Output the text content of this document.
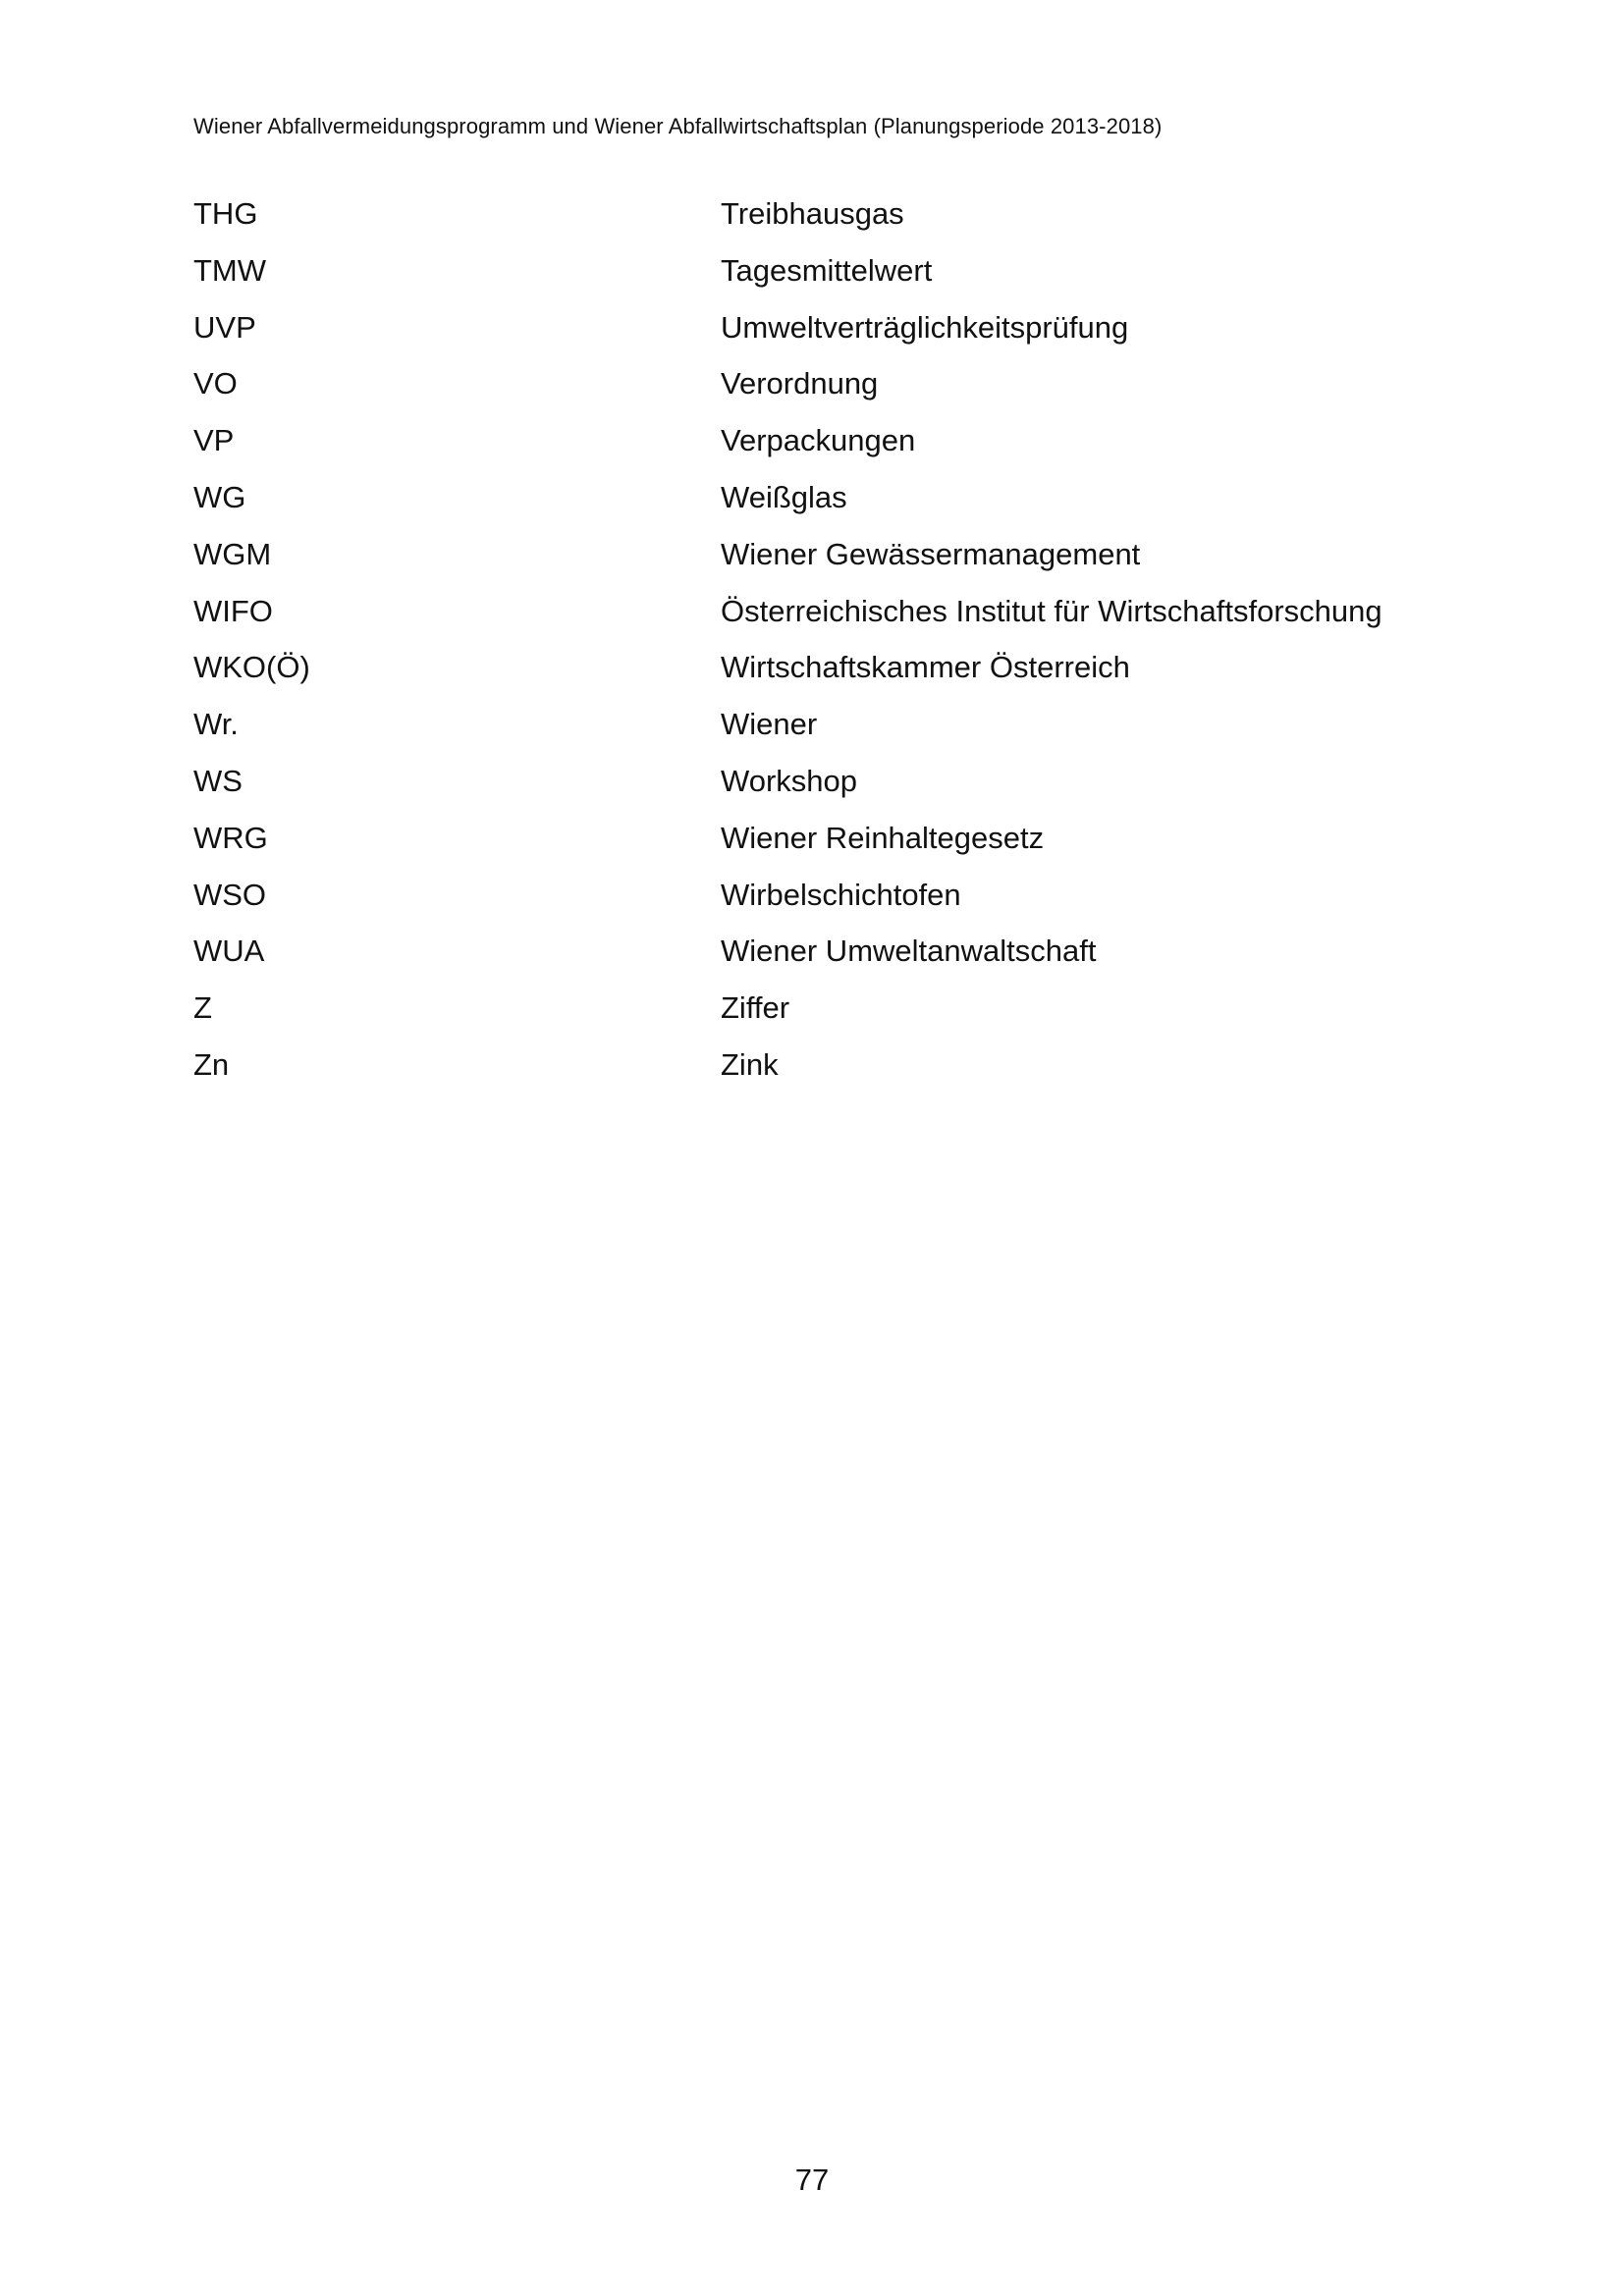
Wiener Abfallvermeidungsprogramm und Wiener Abfallwirtschaftsplan (Planungsperiode 2013-2018)
THG	Treibhausgas
TMW	Tagesmittelwert
UVP	Umweltverträglichkeitsprüfung
VO	Verordnung
VP	Verpackungen
WG	Weißglas
WGM	Wiener Gewässermanagement
WIFO	Österreichisches Institut für Wirtschaftsforschung
WKO(Ö)	Wirtschaftskammer Österreich
Wr.	Wiener
WS	Workshop
WRG	Wiener Reinhaltegesetz
WSO	Wirbelschichtofen
WUA	Wiener Umweltanwaltschaft
Z	Ziffer
Zn	Zink
77
